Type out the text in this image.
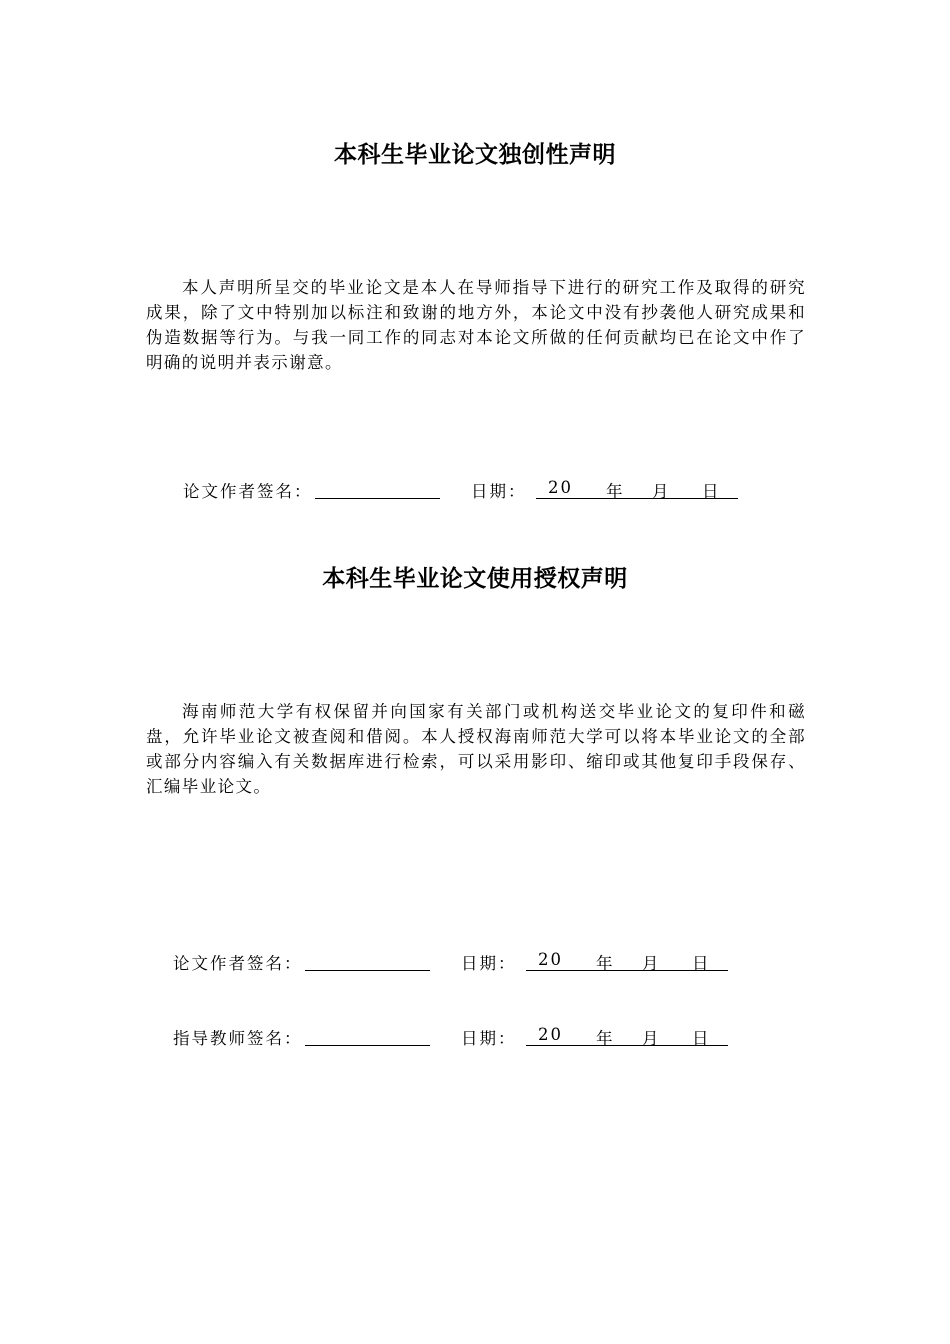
本科生毕业论文独创性声明

本人声明所呈交的毕业论文是本人在导师指导下进行的研究工作及取得的研究成果，除了文中特别加以标注和致谢的地方外，本论文中没有抄袭他人研究成果和伪造数据等行为。与我一同工作的同志对本论文所做的任何贡献均已在论文中作了明确的说明并表示谢意。

论文作者签名：	日期： 20 年 月 日
本科生毕业论文使用授权声明

海南师范大学有权保留并向国家有关部门或机构送交毕业论文的复印件和磁盘，允许毕业论文被查阅和借阅。本人授权海南师范大学可以将本毕业论文的全部或部分内容编入有关数据库进行检索，可以采用影印、缩印或其他复印手段保存、汇编毕业论文。

论文作者签名：	日期： 20 年 月 日
指导教师签名：	日期： 20 年 月 日
